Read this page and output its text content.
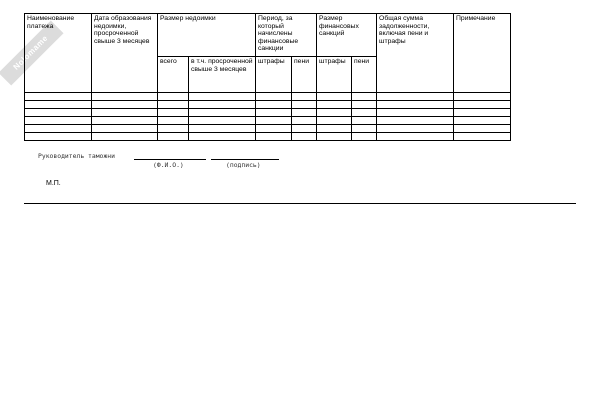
Nolomame
Наименование платежа	Дата образования недоимки, просроченной свыше 3 месяцев	Размер недоимки		Период, за который начислены финансовые санкции		Размер финансовых санкций		Общая сумма задолженности, включая пени и штрафы	Примечание
		всего	в т.ч. просроченной свыше 3 месяцев	штрафы	пени	штрафы	пени		

Руководитель таможни
(Ф.И.О.)	(подпись)
М.П.
